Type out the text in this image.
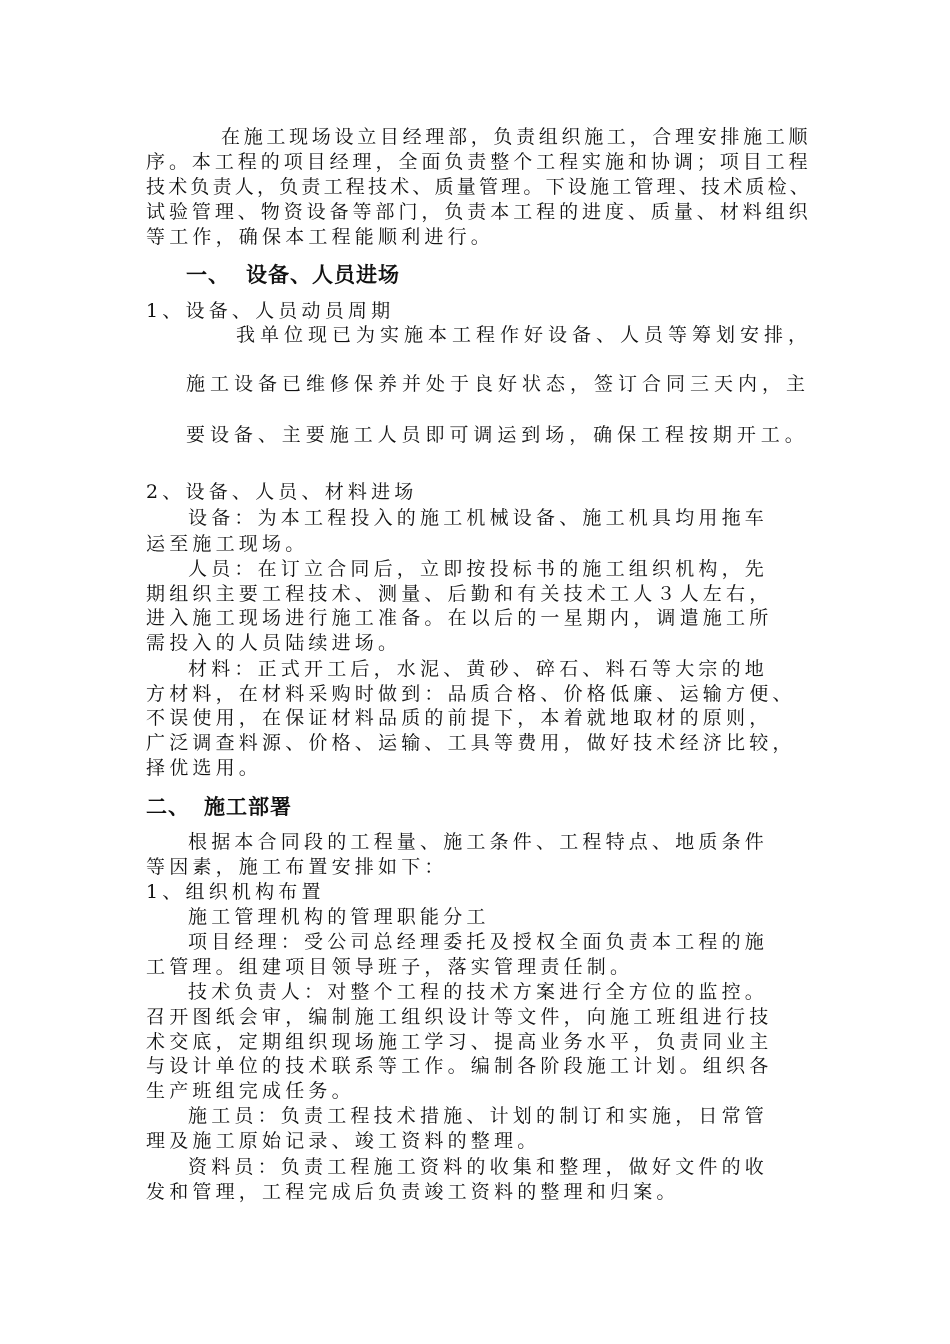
在施工现场设立目经理部，负责组织施工，合理安排施工顺
序。本工程的项目经理，全面负责整个工程实施和协调；项目工程
技术负责人，负责工程技术、质量管理。下设施工管理、技术质检、
试验管理、物资设备等部门，负责本工程的进度、质量、材料组织
等工作，确保本工程能顺利进行。
一、 设备、人员进场
1、设备、人员动员周期
我单位现已为实施本工程作好设备、人员等筹划安排，
施工设备已维修保养并处于良好状态，签订合同三天内，主
要设备、主要施工人员即可调运到场，确保工程按期开工。
2、设备、人员、材料进场
设备：为本工程投入的施工机械设备、施工机具均用拖车
运至施工现场。
人员：在订立合同后，立即按投标书的施工组织机构，先
期组织主要工程技术、测量、后勤和有关技术工人３人左右，
进入施工现场进行施工准备。在以后的一星期内，调遣施工所
需投入的人员陆续进场。
材料：正式开工后，水泥、黄砂、碎石、料石等大宗的地
方材料，在材料采购时做到：品质合格、价格低廉、运输方便、
不误使用，在保证材料品质的前提下，本着就地取材的原则，
广泛调查料源、价格、运输、工具等费用，做好技术经济比较，
择优选用。
二、 施工部署
根据本合同段的工程量、施工条件、工程特点、地质条件
等因素，施工布置安排如下：
1、组织机构布置
施工管理机构的管理职能分工
项目经理：受公司总经理委托及授权全面负责本工程的施
工管理。组建项目领导班子，落实管理责任制。
技术负责人：对整个工程的技术方案进行全方位的监控。
召开图纸会审，编制施工组织设计等文件，向施工班组进行技
术交底，定期组织现场施工学习、提高业务水平，负责同业主
与设计单位的技术联系等工作。编制各阶段施工计划。组织各
生产班组完成任务。
施工员：负责工程技术措施、计划的制订和实施，日常管
理及施工原始记录、竣工资料的整理。
资料员：负责工程施工资料的收集和整理，做好文件的收
发和管理，工程完成后负责竣工资料的整理和归案。
